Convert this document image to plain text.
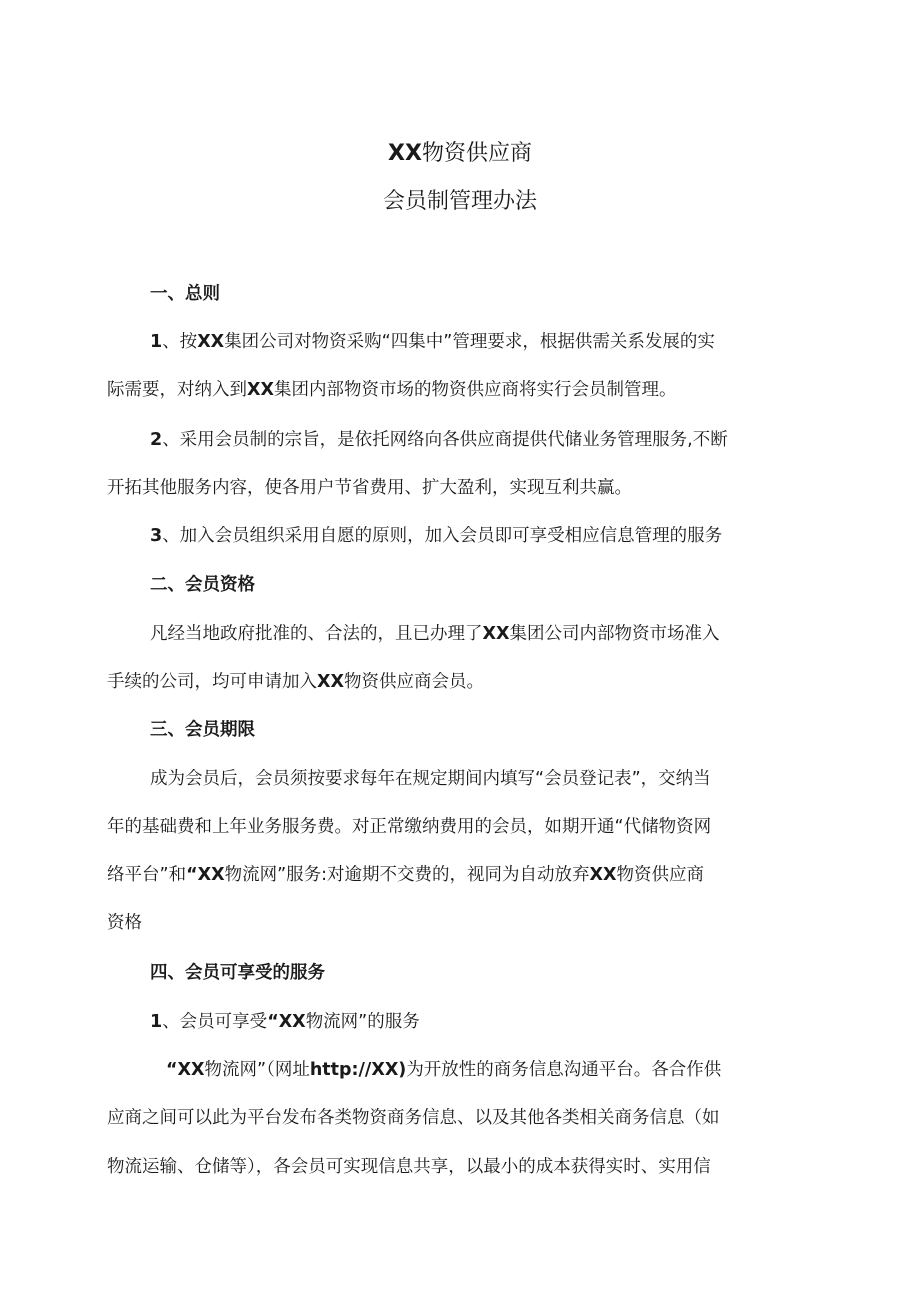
XX物资供应商
会员制管理办法
一、总则
1、按XX集团公司对物资采购“四集中”管理要求，根据供需关系发展的实
际需要，对纳入到XX集团内部物资市场的物资供应商将实行会员制管理。
2、采用会员制的宗旨，是依托网络向各供应商提供代储业务管理服务,不断
开拓其他服务内容，使各用户节省费用、扩大盈利，实现互利共赢。
3、加入会员组织采用自愿的原则，加入会员即可享受相应信息管理的服务
二、会员资格
凡经当地政府批准的、合法的，且已办理了XX集团公司内部物资市场准入
手续的公司，均可申请加入XX物资供应商会员。
三、会员期限
成为会员后，会员须按要求每年在规定期间内填写“会员登记表”，交纳当
年的基础费和上年业务服务费。对正常缴纳费用的会员，如期开通“代储物资网
络平台”和“XX物流网”服务:对逾期不交费的，视同为自动放弃XX物资供应商
资格
四、会员可享受的服务
1、会员可享受“XX物流网”的服务
“XX物流网”（网址http://XX)为开放性的商务信息沟通平台。各合作供
应商之间可以此为平台发布各类物资商务信息、以及其他各类相关商务信息（如
物流运输、仓储等），各会员可实现信息共享，以最小的成本获得实时、实用信
